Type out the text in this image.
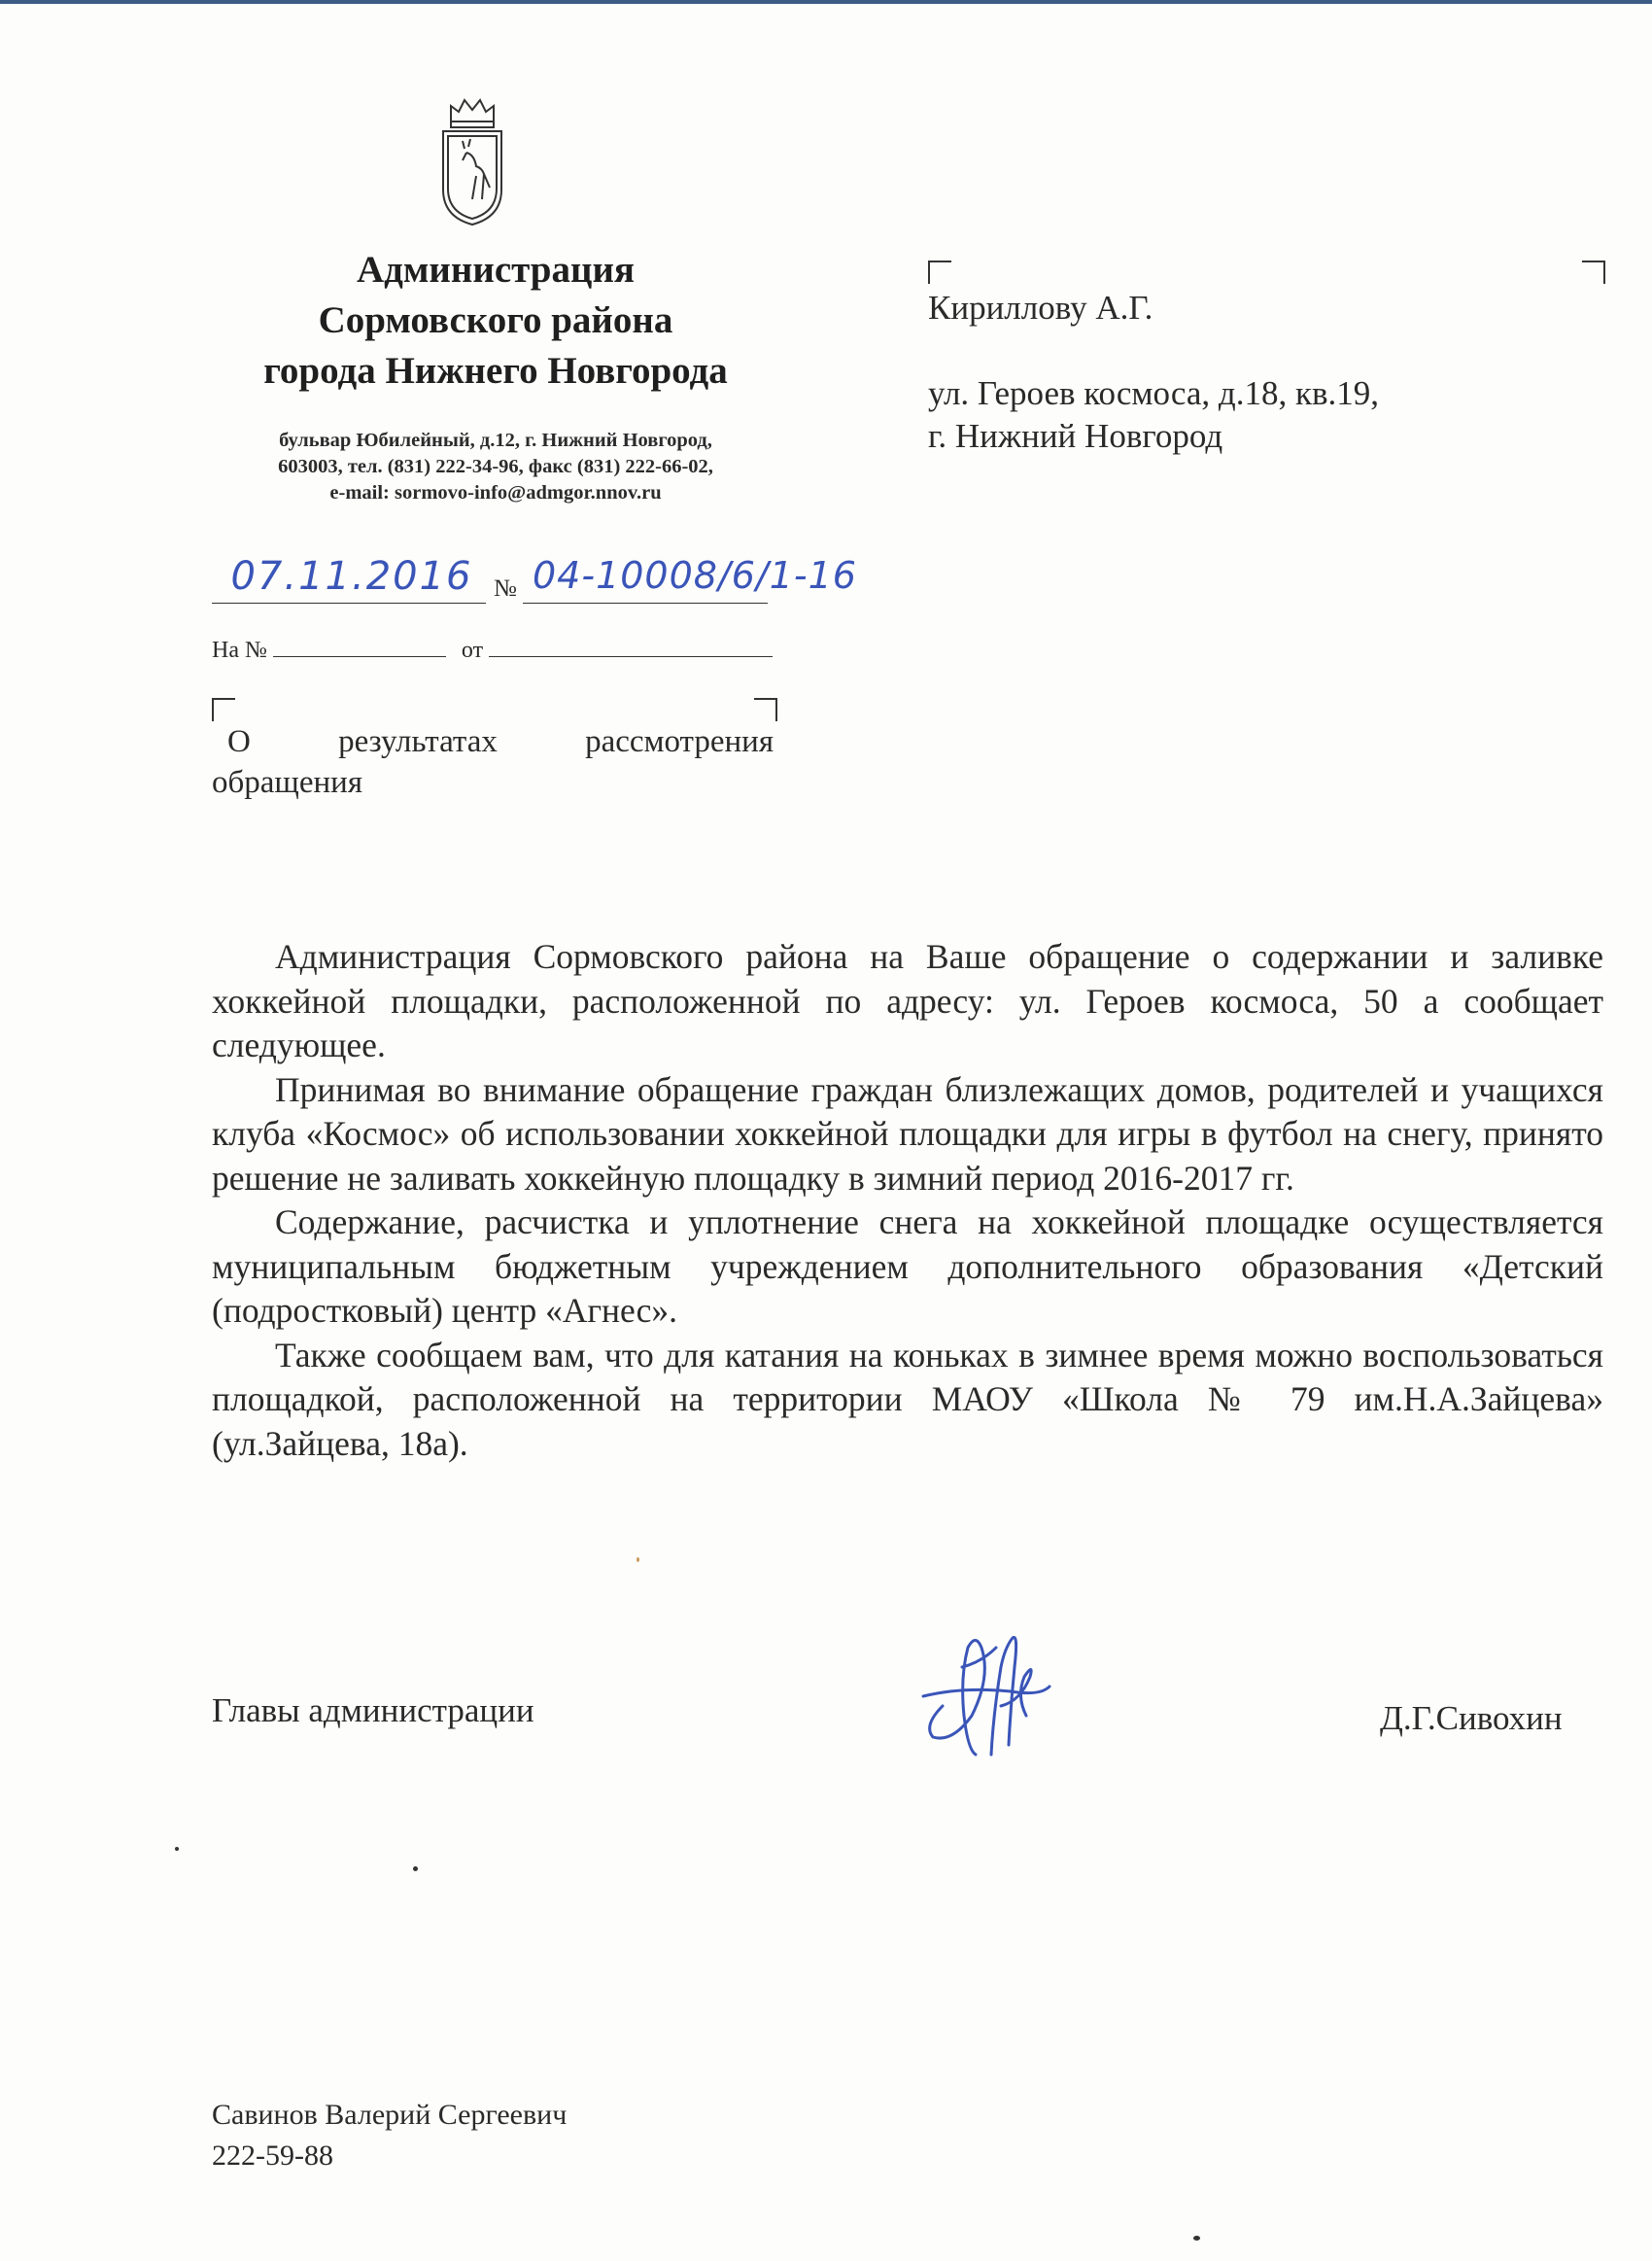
Администрация
Сормовского района
города Нижнего Новгорода
бульвар Юбилейный, д.12, г. Нижний Новгород,
603003, тел. (831) 222-34-96, факс (831) 222-66-02,
e-mail: sormovo-info@admgor.nnov.ru
07.11.2016 № 04-10008/6/1-16
На №	от
О	результатах	рассмотрения
обращения
Кириллову А.Г.
ул. Героев космоса, д.18, кв.19,
г. Нижний Новгород

Администрация Сормовского района на Ваше обращение о содержании и заливке хоккейной площадки, расположенной по адресу: ул. Героев космоса, 50 а сообщает следующее.

Принимая во внимание обращение граждан близлежащих домов, родителей и учащихся клуба «Космос» об использовании хоккейной площадки для игры в футбол на снегу, принято решение не заливать хоккейную площадку в зимний период 2016-2017 гг.

Содержание, расчистка и уплотнение снега на хоккейной площадке осуществляется муниципальным бюджетным учреждением дополнительного образования «Детский (подростковый) центр «Агнес».

Также сообщаем вам, что для катания на коньках в зимнее время можно воспользоваться площадкой, расположенной на территории МАОУ «Школа № 79 им.Н.А.Зайцева» (ул.Зайцева, 18а).

Главы администрации	Д.Г.Сивохин
Савинов Валерий Сергеевич
222-59-88
